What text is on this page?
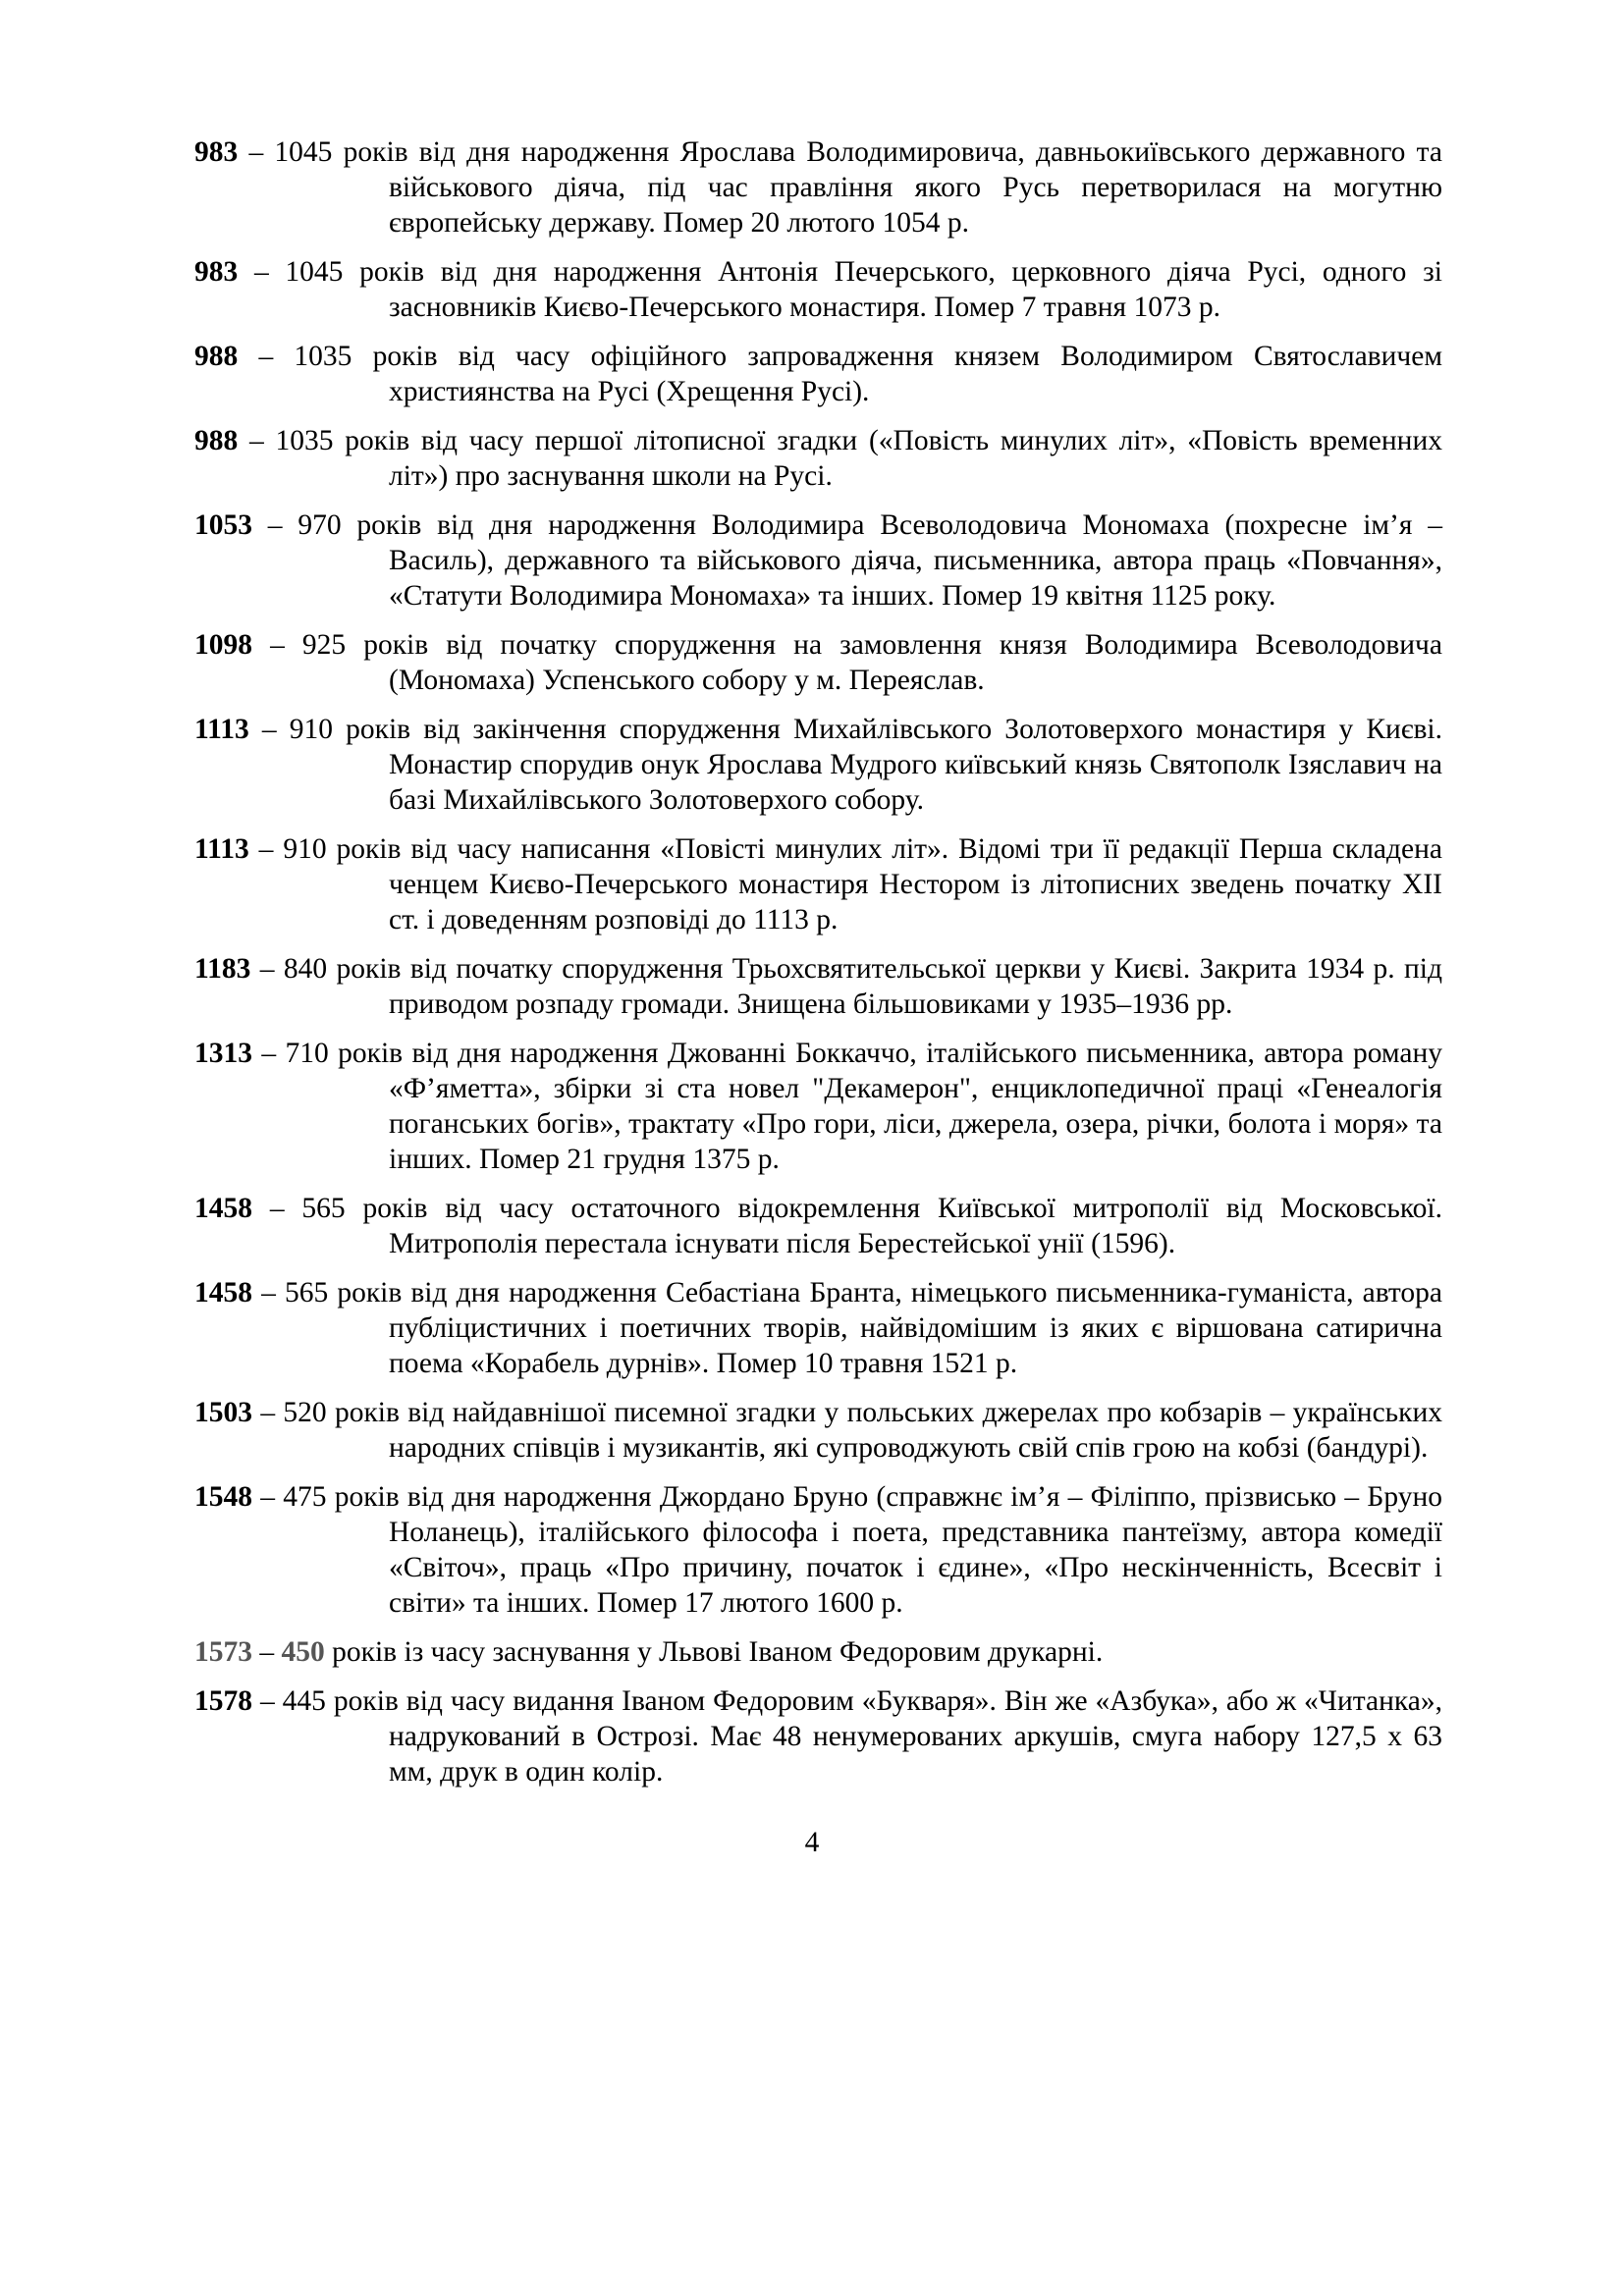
983 – 1045 років від дня народження Ярослава Володимировича, давньокиївського державного та військового діяча, під час правління якого Русь перетворилася на могутню європейську державу. Помер 20 лютого 1054 р.

983 – 1045 років від дня народження Антонія Печерського, церковного діяча Русі, одного зі засновників Києво-Печерського монастиря. Помер 7 травня 1073 р.

988 – 1035 років від часу офіційного запровадження князем Володимиром Святославичем християнства на Русі (Хрещення Русі).

988 – 1035 років від часу першої літописної згадки («Повість минулих літ», «Повість временних літ») про заснування школи на Русі.

1053 – 970 років від дня народження Володимира Всеволодовича Мономаха (похресне ім’я – Василь), державного та військового діяча, письменника, автора праць «Повчання», «Статути Володимира Мономаха» та інших. Помер 19 квітня 1125 року.

1098 – 925 років від початку спорудження на замовлення князя Володимира Всеволодовича (Мономаха) Успенського собору у м. Переяслав.

1113 – 910 років від закінчення спорудження Михайлівського Золотоверхого монастиря у Києві. Монастир спорудив онук Ярослава Мудрого київський князь Святополк Ізяславич на базі Михайлівського Золотоверхого собору.

1113 – 910 років від часу написання «Повісті минулих літ». Відомі три її редакції Перша складена ченцем Києво-Печерського монастиря Нестором із літописних зведень початку XII ст. і доведенням розповіді до 1113 р.

1183 – 840 років від початку спорудження Трьохсвятительської церкви у Києві. Закрита 1934 р. під приводом розпаду громади. Знищена більшовиками у 1935–1936 рр.

1313 – 710 років від дня народження Джованні Боккаччо, італійського письменника, автора роману «Ф’яметта», збірки зі ста новел "Декамерон", енциклопедичної праці «Генеалогія поганських богів», трактату «Про гори, ліси, джерела, озера, річки, болота і моря» та інших. Помер 21 грудня 1375 р.

1458 – 565 років від часу остаточного відокремлення Київської митрополії від Московської. Митрополія перестала існувати після Берестейської унії (1596).

1458 – 565 років від дня народження Себастіана Бранта, німецького письменника-гуманіста, автора публіцистичних і поетичних творів, найвідомішим із яких є віршована сатирична поема «Корабель дурнів». Помер 10 травня 1521 р.

1503 – 520 років від найдавнішої писемної згадки у польських джерелах про кобзарів – українських народних співців і музикантів, які супроводжують свій спів грою на кобзі (бандурі).

1548 – 475 років від дня народження Джордано Бруно (справжнє ім’я – Філіппо, прізвисько – Бруно Ноланець), італійського філософа і поета, представника пантеїзму, автора комедії «Світоч», праць «Про причину, початок і єдине», «Про нескінченність, Всесвіт і світи» та інших. Помер 17 лютого 1600 р.

1573 – 450 років із часу заснування у Львові Іваном Федоровим друкарні.

1578 – 445 років від часу видання Іваном Федоровим «Букваря». Він же «Азбука», або ж «Читанка», надрукований в Острозі. Має 48 ненумерованих аркушів, смуга набору 127,5 х 63 мм, друк в один колір.

4
